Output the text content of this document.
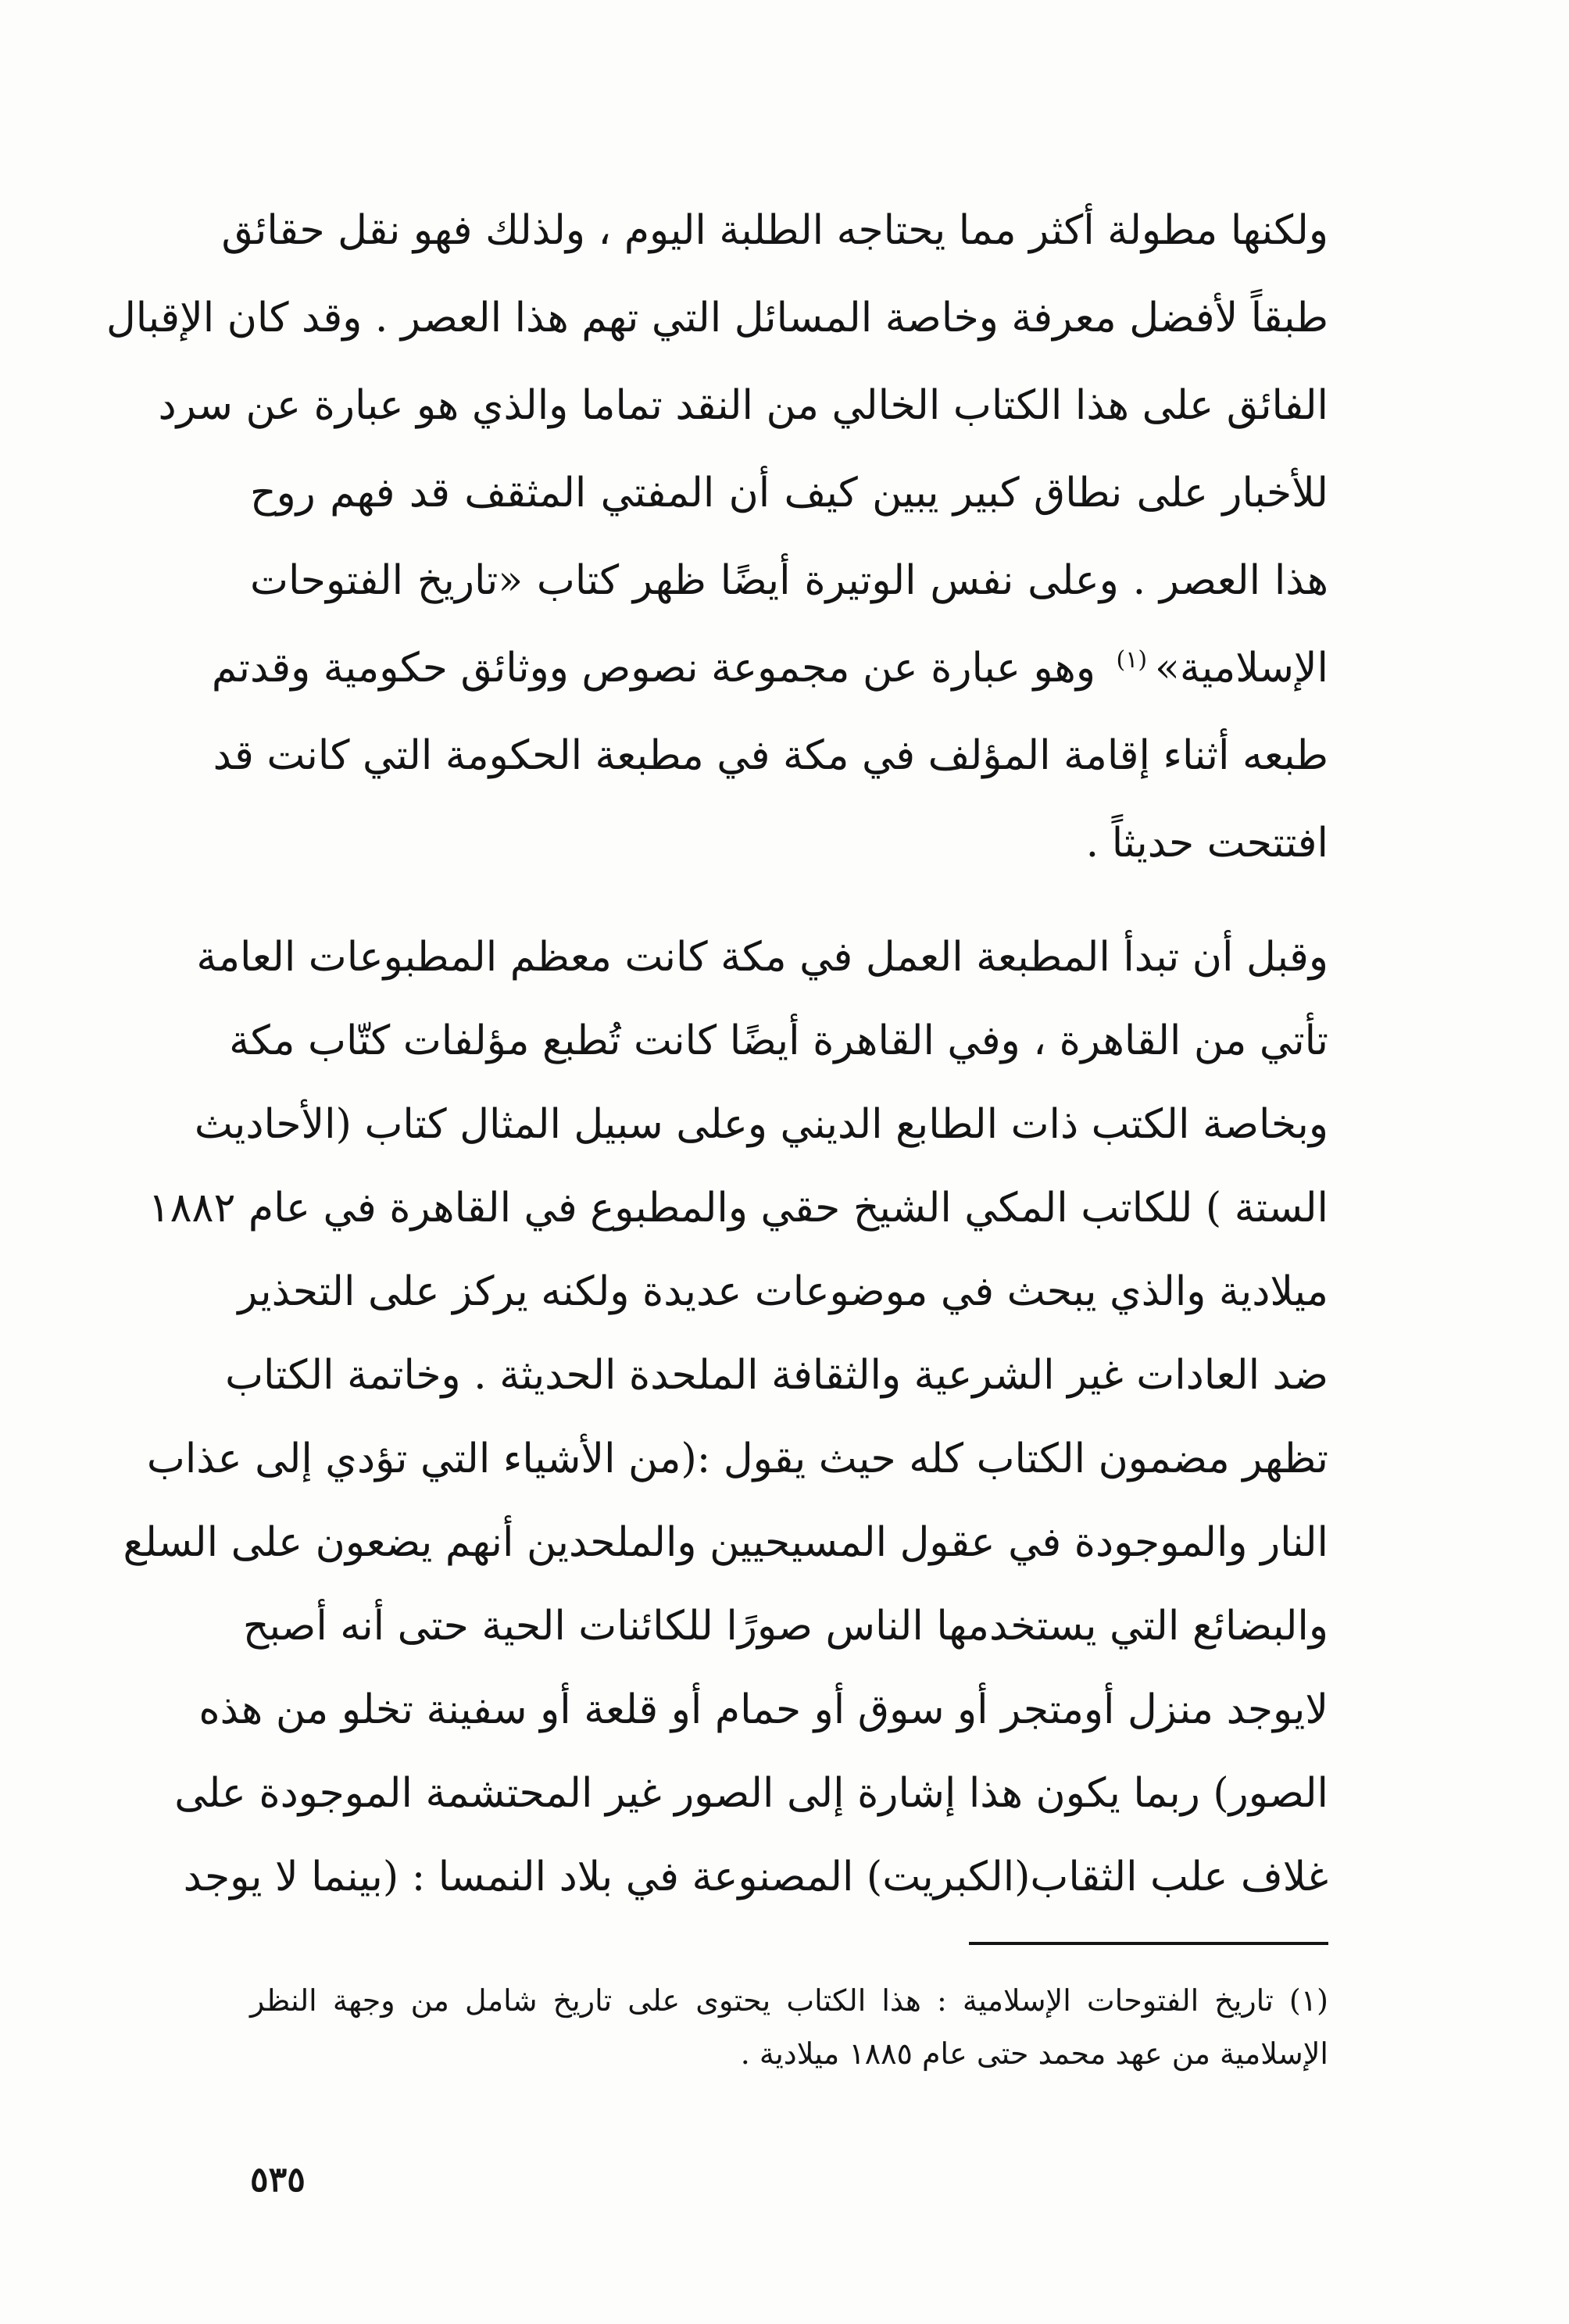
ولكنها مطولة أكثر مما يحتاجه الطلبة اليوم ، ولذلك فهو نقل حقائق
طبقاً لأفضل معرفة وخاصة المسائل التي تهم هذا العصر . وقد كان الإقبال
الفائق على هذا الكتاب الخالي من النقد تماما والذي هو عبارة عن سرد
للأخبار على نطاق كبير يبين كيف أن المفتي المثقف قد فهم روح
هذا العصر . وعلى نفس الوتيرة أيضًا ظهر كتاب «تاريخ الفتوحات
الإسلامية»$^{(١)}$ وهو عبارة عن مجموعة نصوص ووثائق حكومية وقدتم
طبعه أثناء إقامة المؤلف في مكة في مطبعة الحكومة التي كانت قد
افتتحت حديثاً .
وقبل أن تبدأ المطبعة العمل في مكة كانت معظم المطبوعات العامة
تأتي من القاهرة ، وفي القاهرة أيضًا كانت تُطبع مؤلفات كتّاب مكة
وبخاصة الكتب ذات الطابع الديني وعلى سبيل المثال كتاب (الأحاديث
الستة ) للكاتب المكي الشيخ حقي والمطبوع في القاهرة في عام ١٨٨٢
ميلادية والذي يبحث في موضوعات عديدة ولكنه يركز على التحذير
ضد العادات غير الشرعية والثقافة الملحدة الحديثة . وخاتمة الكتاب
تظهر مضمون الكتاب كله حيث يقول :(من الأشياء التي تؤدي إلى عذاب
النار والموجودة في عقول المسيحيين والملحدين أنهم يضعون على السلع
والبضائع التي يستخدمها الناس صورًا للكائنات الحية حتى أنه أصبح
لايوجد منزل أومتجر أو سوق أو حمام أو قلعة أو سفينة تخلو من هذه
الصور) ربما يكون هذا إشارة إلى الصور غير المحتشمة الموجودة على
غلاف علب الثقاب(الكبريت) المصنوعة في بلاد النمسا : (بينما لا يوجد
(١) تاريخ الفتوحات الإسلامية : هذا الكتاب يحتوى على تاريخ شامل من وجهة النظر
الإسلامية من عهد محمد حتى عام ١٨٨٥ ميلادية .
٥٣٥
